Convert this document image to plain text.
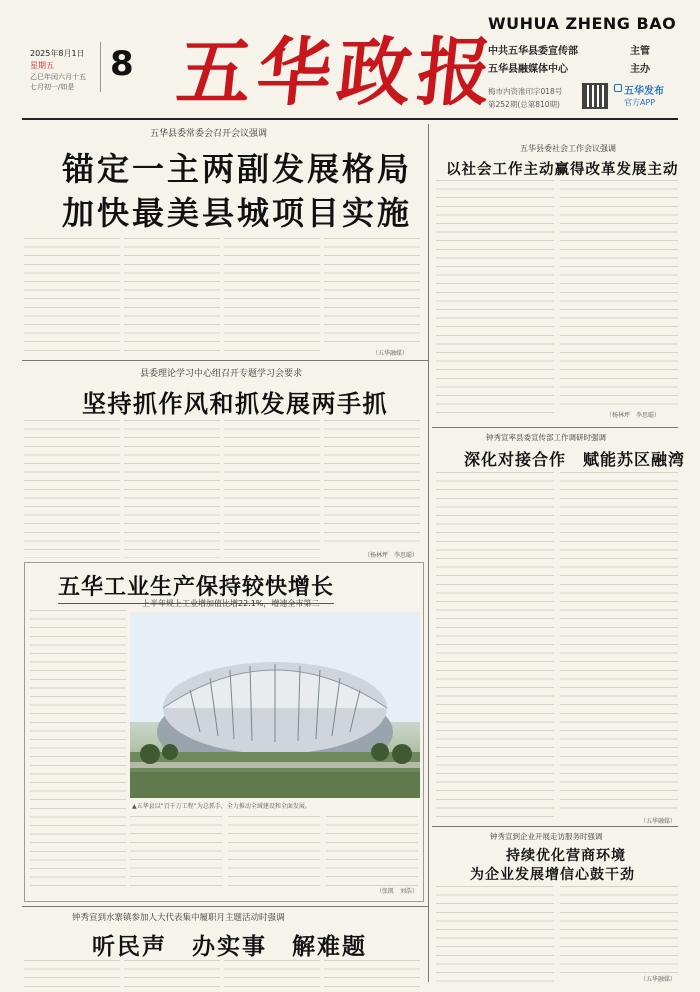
2025年8月1日
星期五
乙巳年闰六月十五
七月初一/如是
8 五华政报
WUHUA ZHENG BAO
中共五华县委宣传部	主管
五华县融媒体中心	主办
梅市内资准印字018号
第252期(总第810期)
五华发布
官方APP
五华县委常委会召开会议强调
锚定一主两副发展格局
加快最美县城项目实施
（五华融媒）
五华县委社会工作会议强调
以社会工作主动赢得改革发展主动
（杨林坪　李思聪）
县委理论学习中心组召开专题学习会要求
坚持抓作风和抓发展两手抓
（杨林坪　李思聪）
钟秀宣率县委宣传部工作调研时强调
深化对接合作　赋能苏区融湾
（五华融媒）
五华工业生产保持较快增长
上半年规上工业增加值比增22.1%，增速全市第二
▲五华县以“百千万工程”为总抓手，全力推动全域建设和全面发展。
（张凯　刘浩）
钟秀宣到企业开展走访服务时强调
持续优化营商环境
为企业发展增信心鼓干劲
（五华融媒）
钟秀宣到水寨镇参加人大代表集中履职月主题活动时强调
听民声　办实事　解难题
